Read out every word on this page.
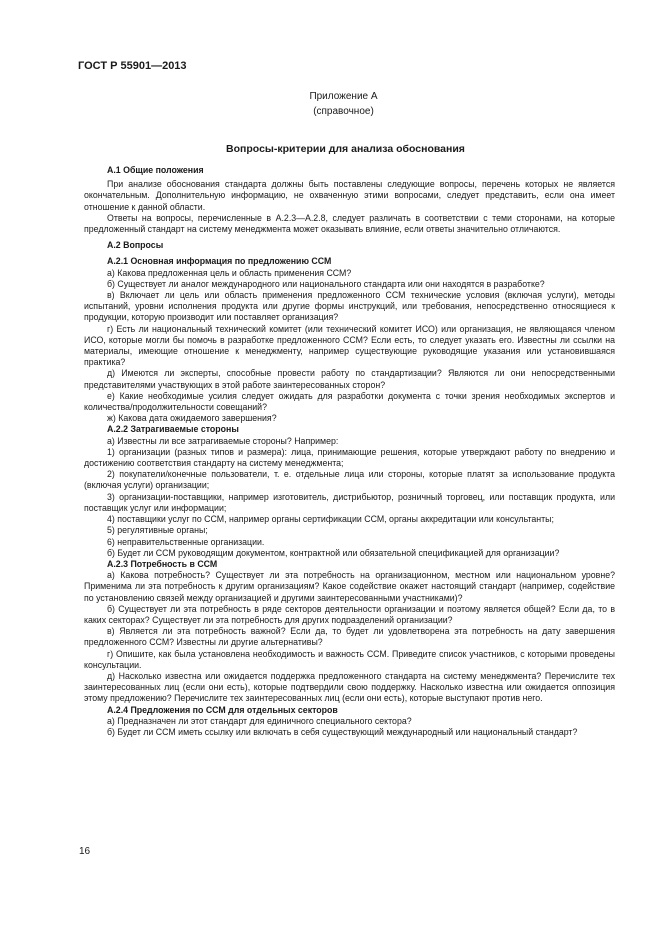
ГОСТ Р 55901—2013
Приложение А
(справочное)
Вопросы-критерии для анализа обоснования

А.1 Общие положения

При анализе обоснования стандарта должны быть поставлены следующие вопросы, перечень которых не является окончательным. Дополнительную информацию, не охваченную этими вопросами, следует представить, если она имеет отношение к данной области.

Ответы на вопросы, перечисленные в А.2.3—А.2.8, следует различать в соответствии с теми сторонами, на которые предложенный стандарт на систему менеджмента может оказывать влияние, если ответы значительно отличаются.

А.2 Вопросы

А.2.1 Основная информация по предложению ССМ

а) Какова предложенная цель и область применения ССМ?

б) Существует ли аналог международного или национального стандарта или они находятся в разработке?

в) Включает ли цель или область применения предложенного ССМ технические условия (включая услуги), методы испытаний, уровни исполнения продукта или другие формы инструкций, или требования, непосредственно относящиеся к продукции, которую производит или поставляет организация?

г) Есть ли национальный технический комитет (или технический комитет ИСО) или организация, не являющаяся членом ИСО, которые могли бы помочь в разработке предложенного ССМ? Если есть, то следует указать его. Известны ли ссылки на материалы, имеющие отношение к менеджменту, например существующие руководящие указания или установившаяся практика?

д) Имеются ли эксперты, способные провести работу по стандартизации? Являются ли они непосредственными представителями участвующих в этой работе заинтересованных сторон?

е) Какие необходимые усилия следует ожидать для разработки документа с точки зрения необходимых экспертов и количества/продолжительности совещаний?

ж) Какова дата ожидаемого завершения?

А.2.2 Затрагиваемые стороны

а) Известны ли все затрагиваемые стороны? Например:

1) организации (разных типов и размера): лица, принимающие решения, которые утверждают работу по внедрению и достижению соответствия стандарту на систему менеджмента;

2) покупатели/конечные пользователи, т. е. отдельные лица или стороны, которые платят за использование продукта (включая услуги) организации;

3) организации-поставщики, например изготовитель, дистрибьютор, розничный торговец, или поставщик продукта, или поставщик услуг или информации;

4) поставщики услуг по ССМ, например органы сертификации ССМ, органы аккредитации или консультанты;

5) регулятивные органы;

6) неправительственные организации.

б) Будет ли ССМ руководящим документом, контрактной или обязательной спецификацией для организации?

А.2.3 Потребность в ССМ

а) Какова потребность? Существует ли эта потребность на организационном, местном или национальном уровне? Применима ли эта потребность к другим организациям? Какое содействие окажет настоящий стандарт (например, содействие по установлению связей между организацией и другими заинтересованными участниками)?

б) Существует ли эта потребность в ряде секторов деятельности организации и поэтому является общей? Если да, то в каких секторах? Существует ли эта потребность для других подразделений организации?

в) Является ли эта потребность важной? Если да, то будет ли удовлетворена эта потребность на дату завершения предложенного ССМ? Известны ли другие альтернативы?

г) Опишите, как была установлена необходимость и важность ССМ. Приведите список участников, с которыми проведены консультации.

д) Насколько известна или ожидается поддержка предложенного стандарта на систему менеджмента? Перечислите тех заинтересованных лиц (если они есть), которые подтвердили свою поддержку. Насколько известна или ожидается оппозиция этому предложению? Перечислите тех заинтересованных лиц (если они есть), которые выступают против него.

А.2.4 Предложения по ССМ для отдельных секторов

а) Предназначен ли этот стандарт для единичного специального сектора?

б) Будет ли ССМ иметь ссылку или включать в себя существующий международный или национальный стандарт?

16
